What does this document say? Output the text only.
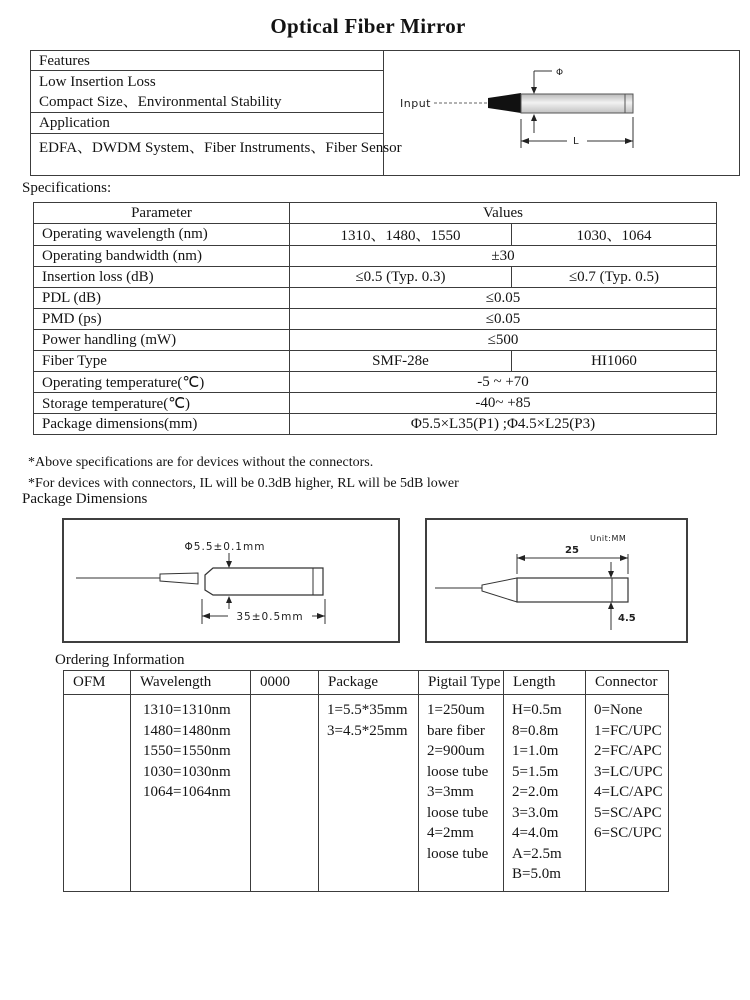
Optical Fiber Mirror
Features
Low Insertion Loss
Compact Size、Environmental Stability
Application
EDFA、DWDM System、Fiber Instruments、Fiber Sensor
Input
Φ
L
Specifications:
Parameter	Values	
Operating wavelength (nm)	1310、1480、1550	1030、1064
Operating bandwidth (nm)	±30	
Insertion loss (dB)	≤0.5 (Typ. 0.3)	≤0.7 (Typ. 0.5)
PDL (dB)	≤0.05	
PMD (ps)	≤0.05	
Power handling (mW)	≤500	
Fiber Type	SMF-28e	HI1060
Operating temperature(℃)	-5 ~ +70	
Storage temperature(℃)	-40~ +85	
Package dimensions(mm)	Φ5.5×L35(P1) ;Φ4.5×L25(P3)	
*Above specifications are for devices without the connectors.
*For devices with connectors, IL will be 0.3dB higher, RL will be 5dB lower
Package Dimensions
Φ5.5±0.1mm
35±0.5mm
Unit:MM
25
4.5
Ordering Information
OFM	Wavelength	0000	Package	Pigtail Type	Length	Connector

1310=1310nm
1480=1480nm
1550=1550nm
1030=1030nm
1064=1064nm

1=5.5*35mm
3=4.5*25mm

1=250um
bare fiber
2=900um
loose tube
3=3mm
loose tube
4=2mm
loose tube

H=0.5m
8=0.8m
1=1.0m
5=1.5m
2=2.0m
3=3.0m
4=4.0m
A=2.5m
B=5.0m

0=None
1=FC/UPC
2=FC/APC
3=LC/UPC
4=LC/APC
5=SC/APC
6=SC/UPC
